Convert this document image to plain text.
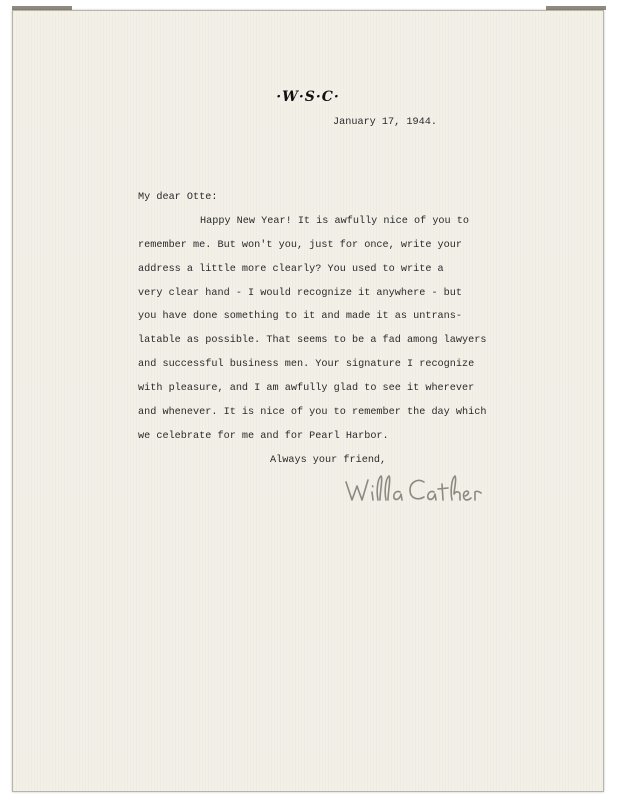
·W·S·C·

January 17, 1944.

My dear Otte:

Happy New Year! It is awfully nice of you to

remember me. But won't you, just for once, write your

address a little more clearly? You used to write a

very clear hand - I would recognize it anywhere - but

you have done something to it and made it as untrans-

latable as possible. That seems to be a fad among lawyers

and successful business men. Your signature I recognize

with pleasure, and I am awfully glad to see it wherever

and whenever. It is nice of you to remember the day which

we celebrate for me and for Pearl Harbor.

Always your friend,
